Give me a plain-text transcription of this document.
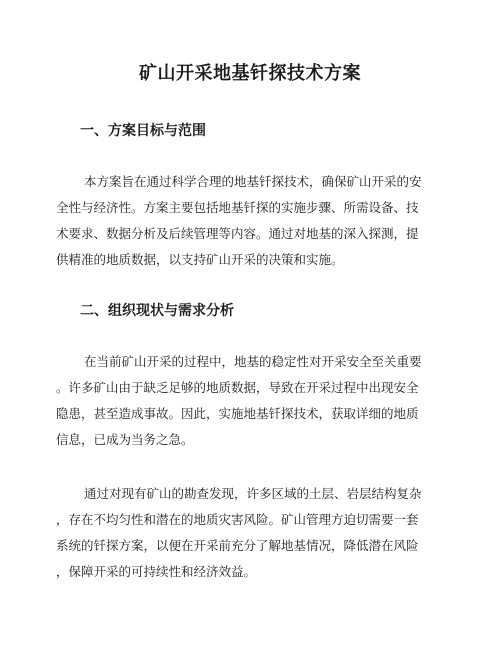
矿山开采地基钎探技术方案
一、方案目标与范围
本方案旨在通过科学合理的地基钎探技术，确保矿山开采的安
全性与经济性。方案主要包括地基钎探的实施步骤、所需设备、技
术要求、数据分析及后续管理等内容。通过对地基的深入探测，提
供精准的地质数据，以支持矿山开采的决策和实施。
二、组织现状与需求分析
在当前矿山开采的过程中，地基的稳定性对开采安全至关重要
。许多矿山由于缺乏足够的地质数据，导致在开采过程中出现安全
隐患，甚至造成事故。因此，实施地基钎探技术，获取详细的地质
信息，已成为当务之急。
通过对现有矿山的勘查发现，许多区域的土层、岩层结构复杂
，存在不均匀性和潜在的地质灾害风险。矿山管理方迫切需要一套
系统的钎探方案，以便在开采前充分了解地基情况，降低潜在风险
，保障开采的可持续性和经济效益。
